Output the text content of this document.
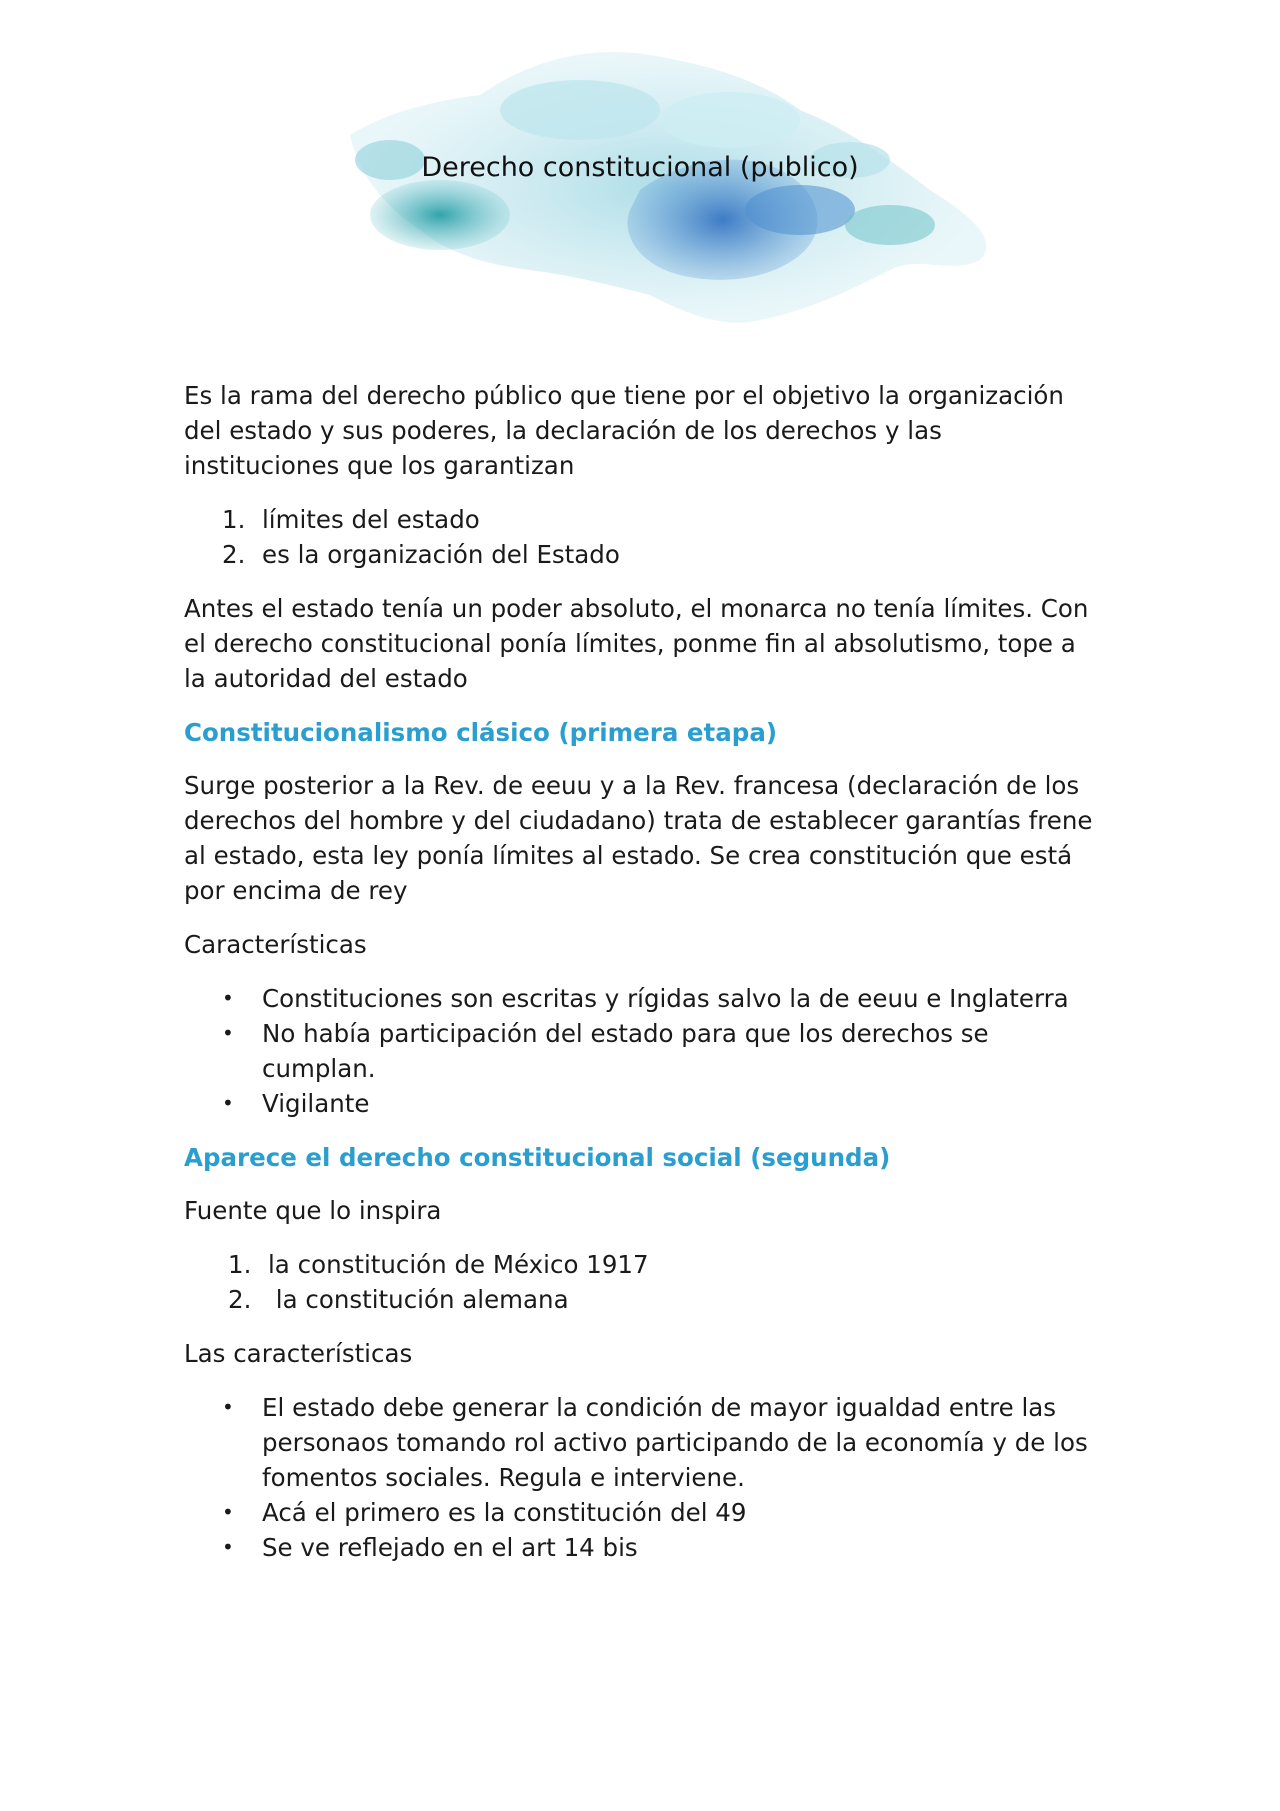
Derecho constitucional (publico)

Es la rama del derecho público que tiene por el objetivo la organización del estado y sus poderes, la declaración de los derechos y las instituciones que los garantizan

1. límites del estado
2. es la organización del Estado

Antes el estado tenía un poder absoluto, el monarca no tenía límites. Con el derecho constitucional ponía límites, ponme fin al absolutismo, tope a la autoridad del estado

Constitucionalismo clásico (primera etapa)

Surge posterior a la Rev. de eeuu y a la Rev. francesa (declaración de los derechos del hombre y del ciudadano) trata de establecer garantías frene al estado, esta ley ponía límites al estado. Se crea constitución que está por encima de rey

Características

• Constituciones son escritas y rígidas salvo la de eeuu e Inglaterra
• No había participación del estado para que los derechos se cumplan.
• Vigilante
Aparece el derecho constitucional social (segunda)

Fuente que lo inspira

1. la constitución de México 1917
2. la constitución alemana

Las características

• El estado debe generar la condición de mayor igualdad entre las personaos tomando rol activo participando de la economía y de los fomentos sociales. Regula e interviene.
• Acá el primero es la constitución del 49
• Se ve reflejado en el art 14 bis
